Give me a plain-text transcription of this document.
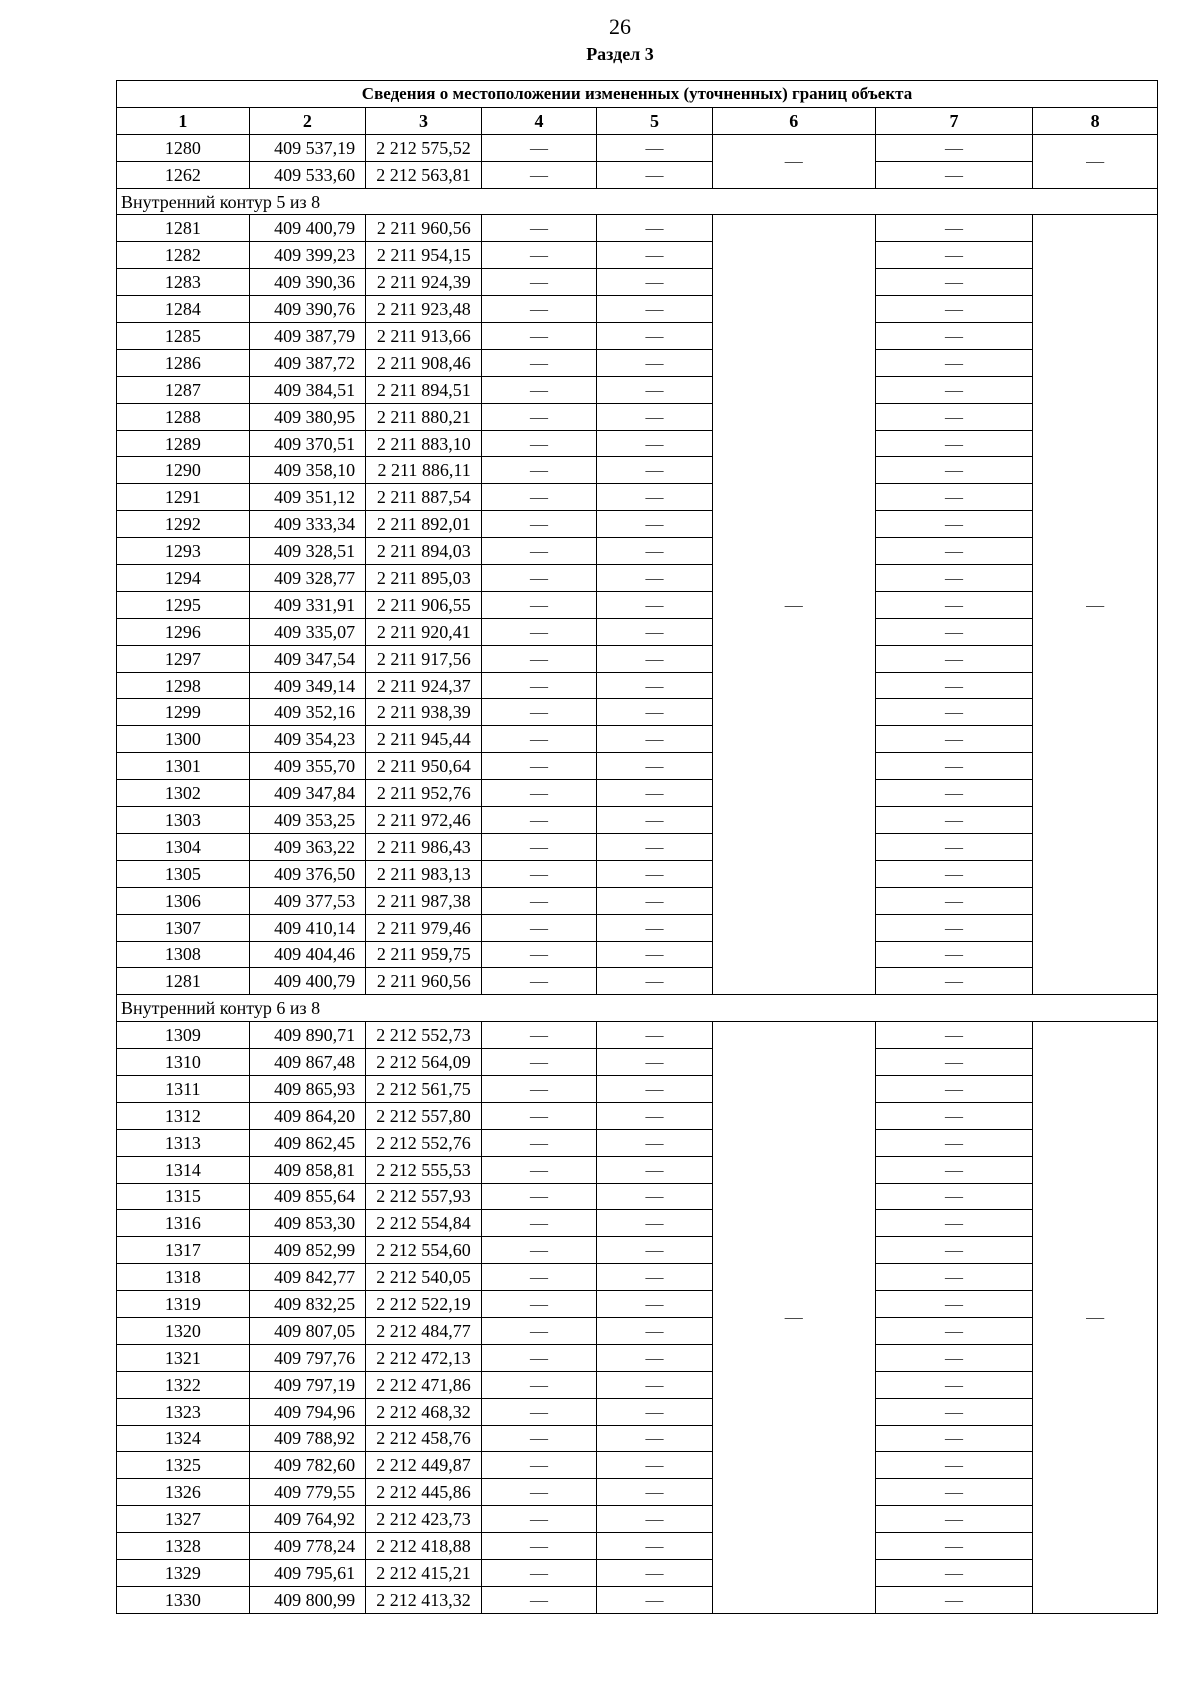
26
Раздел 3
Сведения о местоположении измененных (уточненных) границ объекта							
1	2	3	4	5	6	7	8
1280	409 537,19	2 212 575,52	—	—	—	—	—
1262	409 533,60	2 212 563,81	—	—		—	
Внутренний контур 5 из 8							
1281	409 400,79	2 211 960,56	—	—	—	—	—
1282	409 399,23	2 211 954,15	—	—		—	
1283	409 390,36	2 211 924,39	—	—		—	
1284	409 390,76	2 211 923,48	—	—		—	
1285	409 387,79	2 211 913,66	—	—		—	
1286	409 387,72	2 211 908,46	—	—		—	
1287	409 384,51	2 211 894,51	—	—		—	
1288	409 380,95	2 211 880,21	—	—		—	
1289	409 370,51	2 211 883,10	—	—		—	
1290	409 358,10	2 211 886,11	—	—		—	
1291	409 351,12	2 211 887,54	—	—		—	
1292	409 333,34	2 211 892,01	—	—		—	
1293	409 328,51	2 211 894,03	—	—		—	
1294	409 328,77	2 211 895,03	—	—		—	
1295	409 331,91	2 211 906,55	—	—		—	
1296	409 335,07	2 211 920,41	—	—		—	
1297	409 347,54	2 211 917,56	—	—		—	
1298	409 349,14	2 211 924,37	—	—		—	
1299	409 352,16	2 211 938,39	—	—		—	
1300	409 354,23	2 211 945,44	—	—		—	
1301	409 355,70	2 211 950,64	—	—		—	
1302	409 347,84	2 211 952,76	—	—		—	
1303	409 353,25	2 211 972,46	—	—		—	
1304	409 363,22	2 211 986,43	—	—		—	
1305	409 376,50	2 211 983,13	—	—		—	
1306	409 377,53	2 211 987,38	—	—		—	
1307	409 410,14	2 211 979,46	—	—		—	
1308	409 404,46	2 211 959,75	—	—		—	
1281	409 400,79	2 211 960,56	—	—		—	
Внутренний контур 6 из 8							
1309	409 890,71	2 212 552,73	—	—	—	—	—
1310	409 867,48	2 212 564,09	—	—		—	
1311	409 865,93	2 212 561,75	—	—		—	
1312	409 864,20	2 212 557,80	—	—		—	
1313	409 862,45	2 212 552,76	—	—		—	
1314	409 858,81	2 212 555,53	—	—		—	
1315	409 855,64	2 212 557,93	—	—		—	
1316	409 853,30	2 212 554,84	—	—		—	
1317	409 852,99	2 212 554,60	—	—		—	
1318	409 842,77	2 212 540,05	—	—		—	
1319	409 832,25	2 212 522,19	—	—		—	
1320	409 807,05	2 212 484,77	—	—		—	
1321	409 797,76	2 212 472,13	—	—		—	
1322	409 797,19	2 212 471,86	—	—		—	
1323	409 794,96	2 212 468,32	—	—		—	
1324	409 788,92	2 212 458,76	—	—		—	
1325	409 782,60	2 212 449,87	—	—		—	
1326	409 779,55	2 212 445,86	—	—		—	
1327	409 764,92	2 212 423,73	—	—		—	
1328	409 778,24	2 212 418,88	—	—		—	
1329	409 795,61	2 212 415,21	—	—		—	
1330	409 800,99	2 212 413,32	—	—		—	
